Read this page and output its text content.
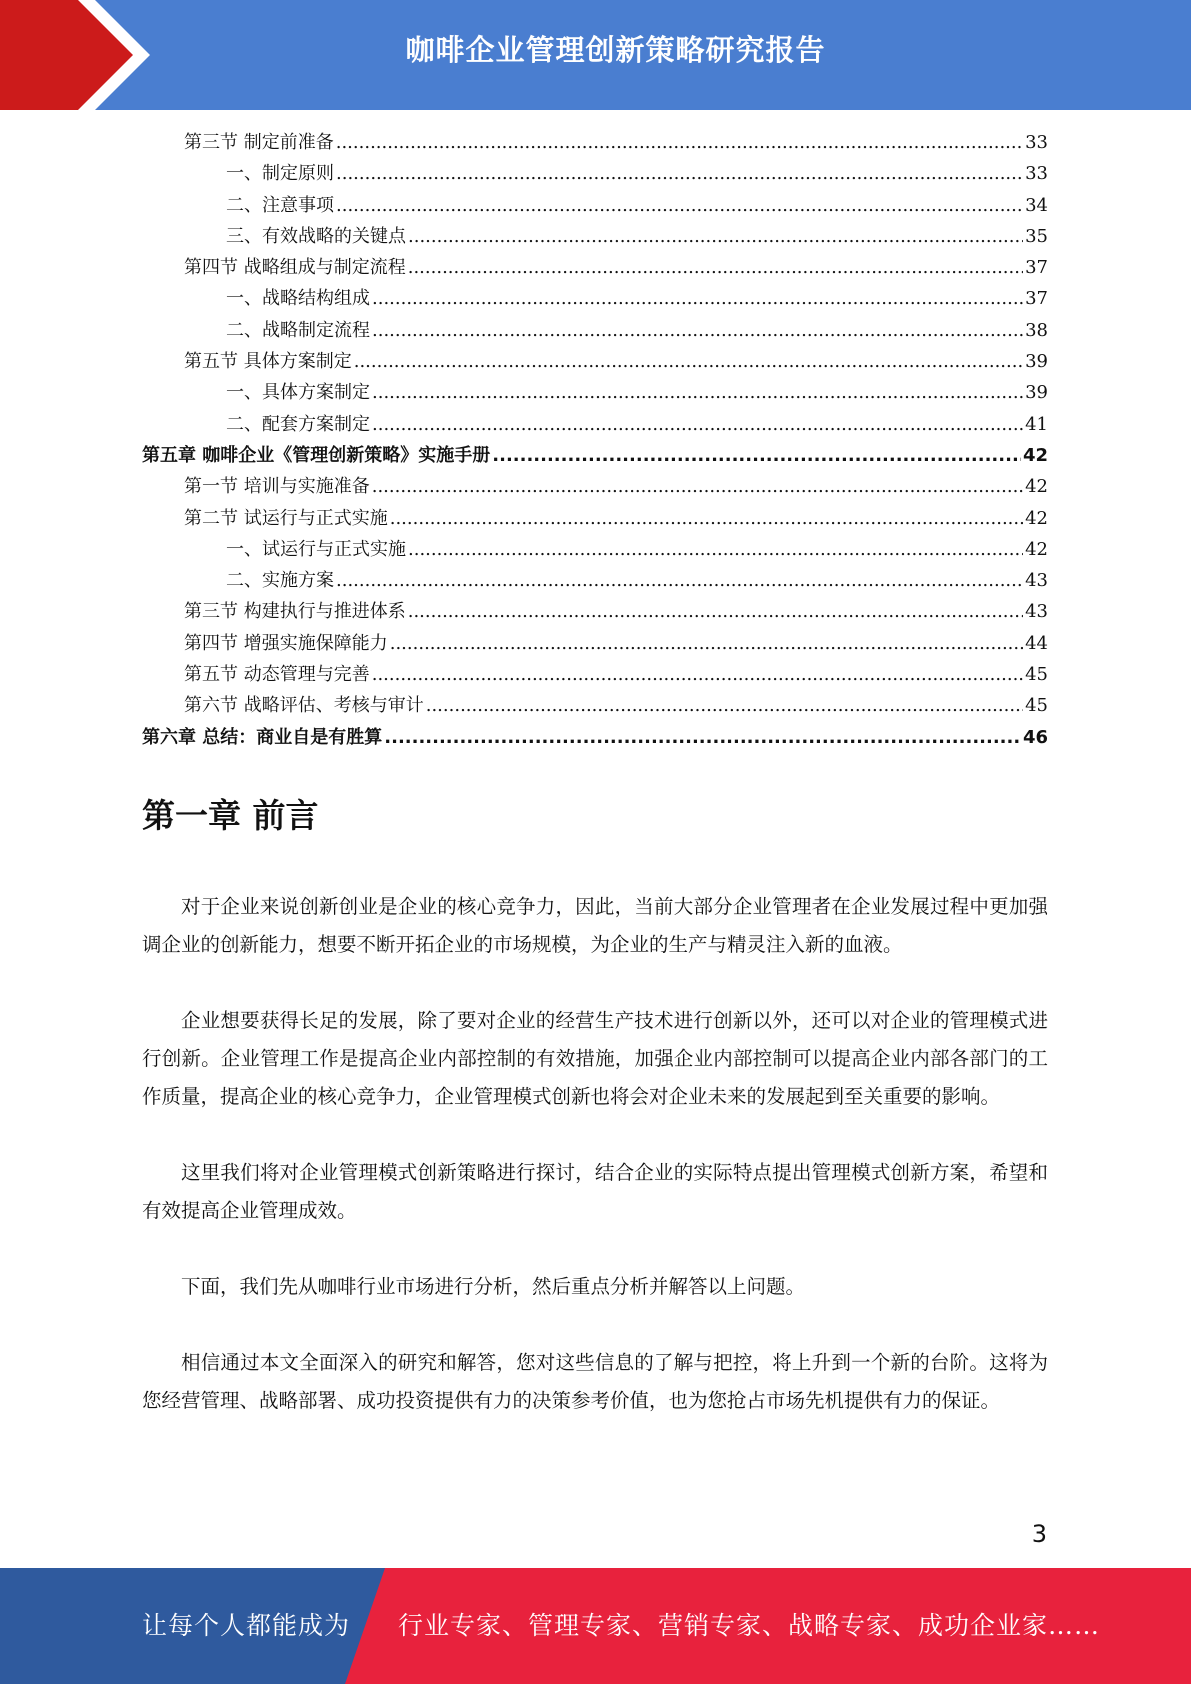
咖啡企业管理创新策略研究报告
第三节 制定前准备 .....	33
一、制定原则 .....	33
二、注意事项 .....	34
三、有效战略的关键点 .....	35
第四节 战略组成与制定流程 .....	37
一、战略结构组成 .....	37
二、战略制定流程 .....	38
第五节 具体方案制定 .....	39
一、具体方案制定 .....	39
二、配套方案制定 .....	41
第五章 咖啡企业《管理创新策略》实施手册 .....	42
第一节 培训与实施准备 .....	42
第二节 试运行与正式实施 .....	42
一、试运行与正式实施 .....	42
二、实施方案 .....	43
第三节 构建执行与推进体系 .....	43
第四节 增强实施保障能力 .....	44
第五节 动态管理与完善 .....	45
第六节 战略评估、考核与审计 .....	45
第六章 总结：商业自是有胜算 .....	46
第一章 前言

对于企业来说创新创业是企业的核心竞争力，因此，当前大部分企业管理者在企业发展过程中更加强调企业的创新能力，想要不断开拓企业的市场规模，为企业的生产与精灵注入新的血液。

企业想要获得长足的发展，除了要对企业的经营生产技术进行创新以外，还可以对企业的管理模式进行创新。企业管理工作是提高企业内部控制的有效措施，加强企业内部控制可以提高企业内部各部门的工作质量，提高企业的核心竞争力，企业管理模式创新也将会对企业未来的发展起到至关重要的影响。

这里我们将对企业管理模式创新策略进行探讨，结合企业的实际特点提出管理模式创新方案，希望和有效提高企业管理成效。

下面，我们先从咖啡行业市场进行分析，然后重点分析并解答以上问题。

相信通过本文全面深入的研究和解答，您对这些信息的了解与把控，将上升到一个新的台阶。这将为您经营管理、战略部署、成功投资提供有力的决策参考价值，也为您抢占市场先机提供有力的保证。

3
让每个人都能成为 行业专家、管理专家、营销专家、战略专家、成功企业家……
